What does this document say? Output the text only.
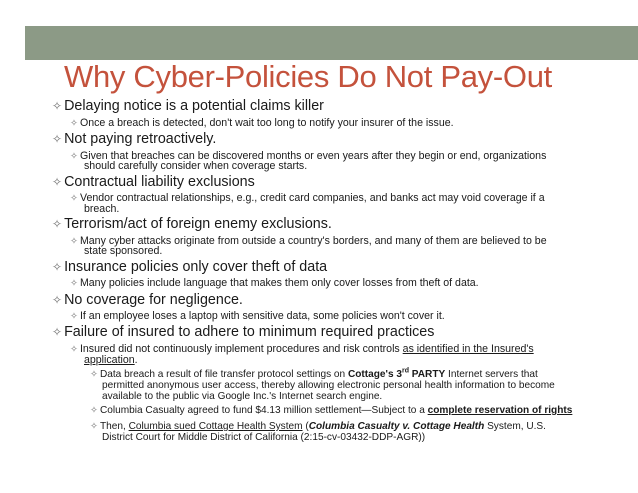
Why Cyber-Policies Do Not Pay-Out
✧ Delaying notice is a potential claims killer
✧ Once a breach is detected, don't wait too long to notify your insurer of the issue.
✧ Not paying retroactively.
✧ Given that breaches can be discovered months or even years after they begin or end, organizations
should carefully consider when coverage starts.
✧ Contractual liability exclusions
✧ Vendor contractual relationships, e.g., credit card companies, and banks act may void coverage if a
breach.
✧ Terrorism/act of foreign enemy exclusions.
✧ Many cyber attacks originate from outside a country's borders, and many of them are believed to be
state sponsored.
✧ Insurance policies only cover theft of data
✧ Many policies include language that makes them only cover losses from theft of data.
✧ No coverage for negligence.
✧ If an employee loses a laptop with sensitive data, some policies won't cover it.
✧ Failure of insured to adhere to minimum required practices
✧ Insured did not continuously implement procedures and risk controls as identified in the Insured's
application.
✧ Data breach a result of file transfer protocol settings on Cottage's 3rd PARTY Internet servers that
permitted anonymous user access, thereby allowing electronic personal health information to become
available to the public via Google Inc.'s Internet search engine.
✧ Columbia Casualty agreed to fund $4.13 million settlement—Subject to a complete reservation of rights
✧ Then, Columbia sued Cottage Health System (Columbia Casualty v. Cottage Health System, U.S.
District Court for Middle District of California (2:15-cv-03432-DDP-AGR))
